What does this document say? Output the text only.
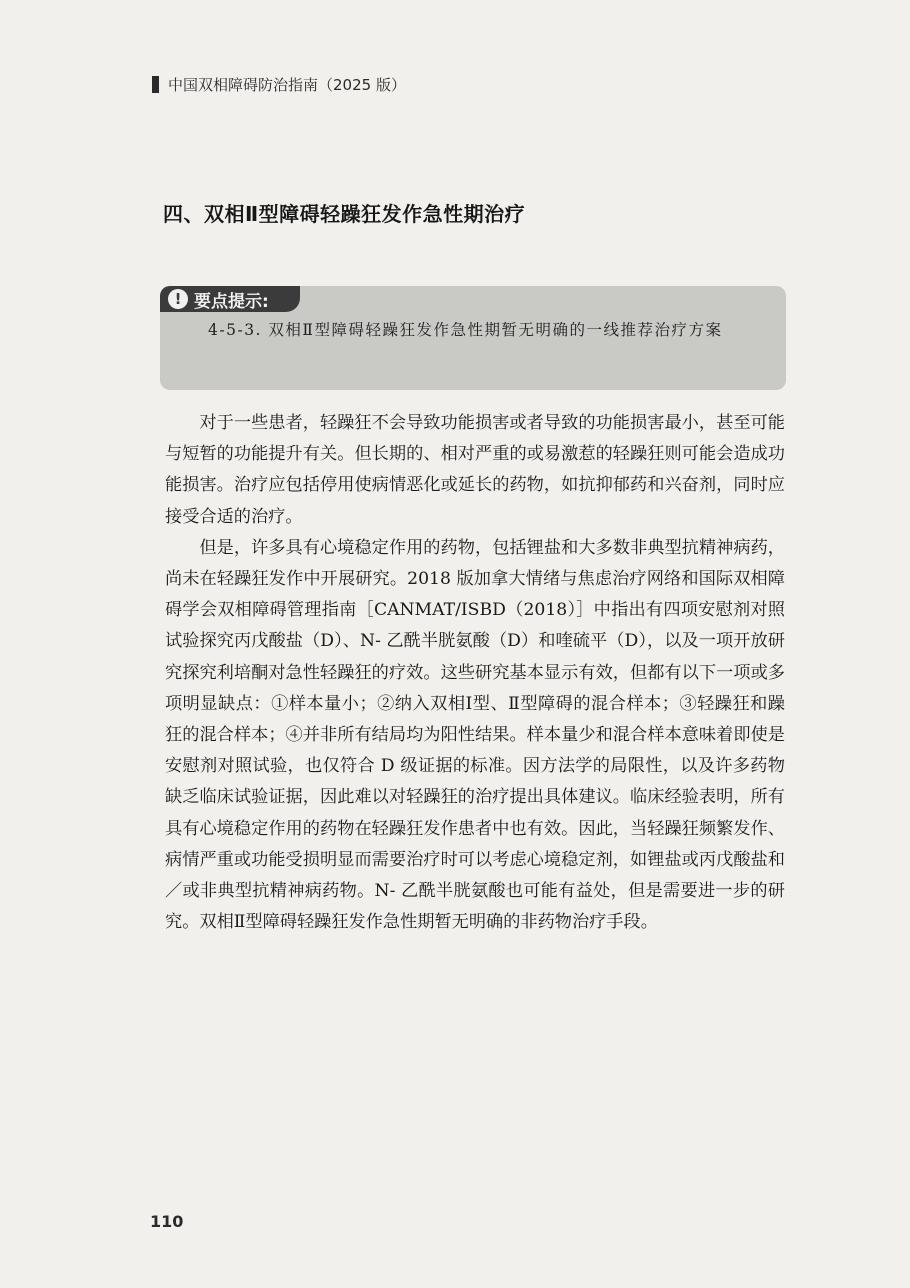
中国双相障碍防治指南（2025 版）
四、双相Ⅱ型障碍轻躁狂发作急性期治疗
! 要点提示:
4-5-3. 双相Ⅱ型障碍轻躁狂发作急性期暂无明确的一线推荐治疗方案

对于一些患者，轻躁狂不会导致功能损害或者导致的功能损害最小，甚至可能与短暂的功能提升有关。但长期的、相对严重的或易激惹的轻躁狂则可能会造成功能损害。治疗应包括停用使病情恶化或延长的药物，如抗抑郁药和兴奋剂，同时应接受合适的治疗。

但是，许多具有心境稳定作用的药物，包括锂盐和大多数非典型抗精神病药，尚未在轻躁狂发作中开展研究。2018 版加拿大情绪与焦虑治疗网络和国际双相障碍学会双相障碍管理指南［CANMAT/ISBD（2018）］中指出有四项安慰剂对照试验探究丙戊酸盐（D）、N- 乙酰半胱氨酸（D）和喹硫平（D），以及一项开放研究探究利培酮对急性轻躁狂的疗效。这些研究基本显示有效，但都有以下一项或多项明显缺点：①样本量小；②纳入双相Ⅰ型、Ⅱ型障碍的混合样本；③轻躁狂和躁狂的混合样本；④并非所有结局均为阳性结果。样本量少和混合样本意味着即使是安慰剂对照试验，也仅符合 D 级证据的标准。因方法学的局限性，以及许多药物缺乏临床试验证据，因此难以对轻躁狂的治疗提出具体建议。临床经验表明，所有具有心境稳定作用的药物在轻躁狂发作患者中也有效。因此，当轻躁狂频繁发作、病情严重或功能受损明显而需要治疗时可以考虑心境稳定剂，如锂盐或丙戊酸盐和／或非典型抗精神病药物。N- 乙酰半胱氨酸也可能有益处，但是需要进一步的研究。双相Ⅱ型障碍轻躁狂发作急性期暂无明确的非药物治疗手段。

110
